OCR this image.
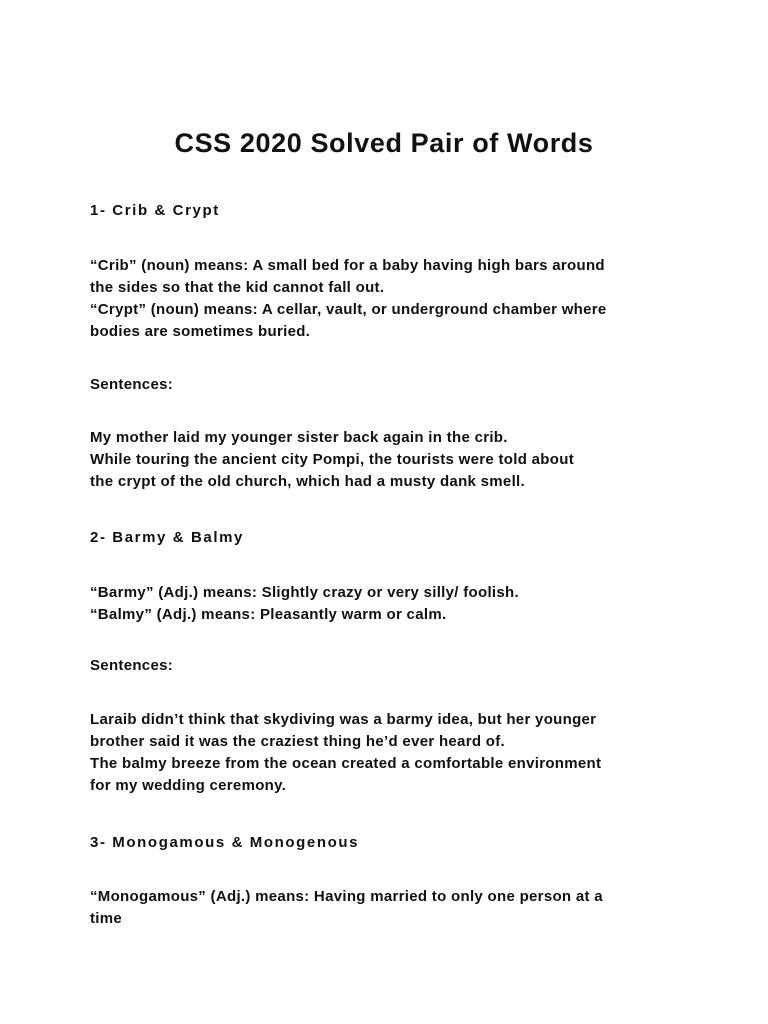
CSS 2020 Solved Pair of Words
1- Crib & Crypt
“Crib” (noun) means: A small bed for a baby having high bars around
the sides so that the kid cannot fall out.
“Crypt” (noun) means: A cellar, vault, or underground chamber where
bodies are sometimes buried.

Sentences:

My mother laid my younger sister back again in the crib.
While touring the ancient city Pompi, the tourists were told about
the crypt of the old church, which had a musty dank smell.
2- Barmy & Balmy
“Barmy” (Adj.) means: Slightly crazy or very silly/ foolish.
“Balmy” (Adj.) means: Pleasantly warm or calm.

Sentences:

Laraib didn’t think that skydiving was a barmy idea, but her younger
brother said it was the craziest thing he’d ever heard of.
The balmy breeze from the ocean created a comfortable environment
for my wedding ceremony.
3- Monogamous & Monogenous
“Monogamous” (Adj.) means: Having married to only one person at a
time
